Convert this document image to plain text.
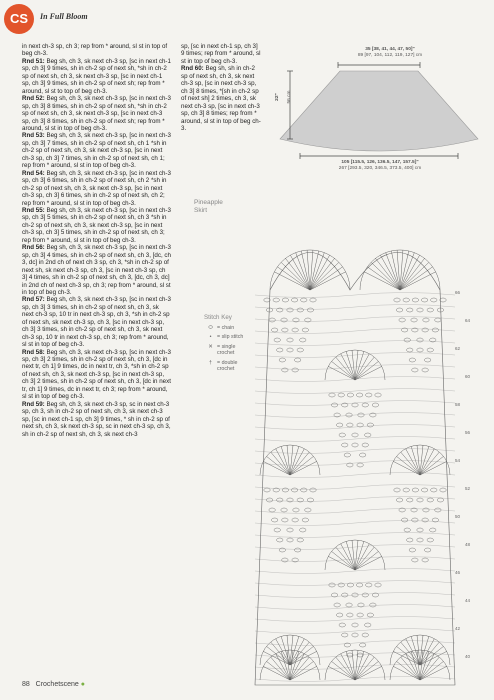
CS	In Full Bloom

in next ch-3 sp, ch 3; rep from * around, sl st in top of beg ch-3.

Rnd 51: Beg sh, ch 3, sk next ch-3 sp, [sc in next ch-1 sp, ch 3] 9 times, sh in ch-2 sp of next sh, *sh in ch-2 sp of next sh, ch 3, sk next ch-3 sp, [sc in next ch-1 sp, ch 3] 9 times, sh in ch-2 sp of next sh; rep from * around, sl st to top of beg ch-3.

Rnd 52: Beg sh, ch 3, sk next ch-3 sp, [sc in next ch-3 sp, ch 3] 8 times, sh in ch-2 sp of next sh, *sh in ch-2 sp of next sh, ch 3, sk next ch-3 sp, [sc in next ch-3 sp, ch 3] 8 times, sh in ch-2 sp of next sh; rep from * around, sl st in top of beg ch-3.

Rnd 53: Beg sh, ch 3, sk next ch-3 sp, [sc in next ch-3 sp, ch 3] 7 times, sh in ch-2 sp of next sh, ch 1 *sh in ch-2 sp of next sh, ch 3, sk next ch-3 sp, [sc in next ch-3 sp, ch 3] 7 times, sh in ch-2 sp of next sh, ch 1; rep from * around, sl st in top of beg ch-3.

Rnd 54: Beg sh, ch 3, sk next ch-3 sp, [sc in next ch-3 sp, ch 3] 6 times, sh in ch-2 sp of next sh, ch 2 *sh in ch-2 sp of next sh, ch 3, sk next ch-3 sp, [sc in next ch-3 sp, ch 3] 6 times, sh in ch-2 sp of next sh, ch 2; rep from * around, sl st in top of beg ch-3.

Rnd 55: Beg sh, ch 3, sk next ch-3 sp, [sc in next ch-3 sp, ch 3] 5 times, sh in ch-2 sp of next sh, ch 3 *sh in ch-2 sp of next sh, ch 3, sk next ch-3 sp, [sc in next ch-3 sp, ch 3] 5 times, sh in ch-2 sp of next sh, ch 3; rep from * around, sl st in top of beg ch-3.

Rnd 56: Beg sh, ch 3, sk next ch-3 sp, [sc in next ch-3 sp, ch 3] 4 times, sh in ch-2 sp of next sh, ch 3, [dc, ch 3, dc] in 2nd ch of next ch 3 sp, ch 3, *sh in ch-2 sp of next sh, sk next ch-3 sp, ch 3, [sc in next ch-3 sp, ch 3] 4 times, sh in ch-2 sp of next sh, ch 3, [dc, ch 3, dc] in 2nd ch of next ch-3 sp, ch 3; rep from * around, sl st in top of beg ch-3.

Rnd 57: Beg sh, ch 3, sk next ch-3 sp, [sc in next ch-3 sp, ch 3] 3 times, sh in ch-2 sp of next sh, ch 3, sk next ch-3 sp, 10 tr in next ch-3 sp, ch 3, *sh in ch-2 sp of next sh, sk next ch-3 sp, ch 3, [sc in next ch-3 sp, ch 3] 3 times, sh in ch-2 sp of next sh, ch 3, sk next ch-3 sp, 10 tr in next ch-3 sp, ch 3; rep from * around, sl st in top of beg ch-3.

Rnd 58: Beg sh, ch 3, sk next ch-3 sp, [sc in next ch-3 sp, ch 3] 2 times, sh in ch-2 sp of next sh, ch 3, [dc in next tr, ch 1] 9 times, dc in next tr, ch 3, *sh in ch-2 sp of next sh, ch 3, sk next ch-3 sp, [sc in next ch-3 sp, ch 3] 2 times, sh in ch-2 sp of next sh, ch 3, [dc in next tr, ch 1] 9 times, dc in next tr, ch 3; rep from * around, sl st in top of beg ch-3.

Rnd 59: Beg sh, ch 3, sk next ch-3 sp, sc in next ch-3 sp, ch 3, sh in ch-2 sp of next sh, ch 3, sk next ch-3 sp, [sc in next ch-1 sp, ch 3] 9 times, * sh in ch-2 sp of next sh, ch 3, sk next ch-3 sp, sc in next ch-3 sp, ch 3, sh in ch-2 sp of next sh, ch 3, sk next ch-3

sp, [sc in next ch-1 sp, ch 3] 9 times; rep from * around, sl st in top of beg ch-3.

Rnd 60: Beg sh, sh in ch-2 sp of next sh, ch 3, sk next ch-3 sp, [sc in next ch-3 sp, ch 3] 8 times, *[sh in ch-2 sp of next sh] 2 times, ch 3, sk next ch-3 sp, [sc in next ch-3 sp, ch 3] 8 times; rep from * around, sl st in top of beg ch-3.

35 [38, 41, 44, 47, 50]"
89 [97, 104, 112, 119, 127] cm
22" 56 cm
105 [115.5, 126, 136.5, 147, 157.5]"
267 [293.5, 320, 346.5, 373.5, 400] cm
Pineapple
Skirt
Stitch Key
⬭ = chain
•	= slip stitch
✕ = single crochet
† = double crochet
66
64
62
60
58
56
54
52
50
48
46
44
42
40
88 Crochetscene ●
